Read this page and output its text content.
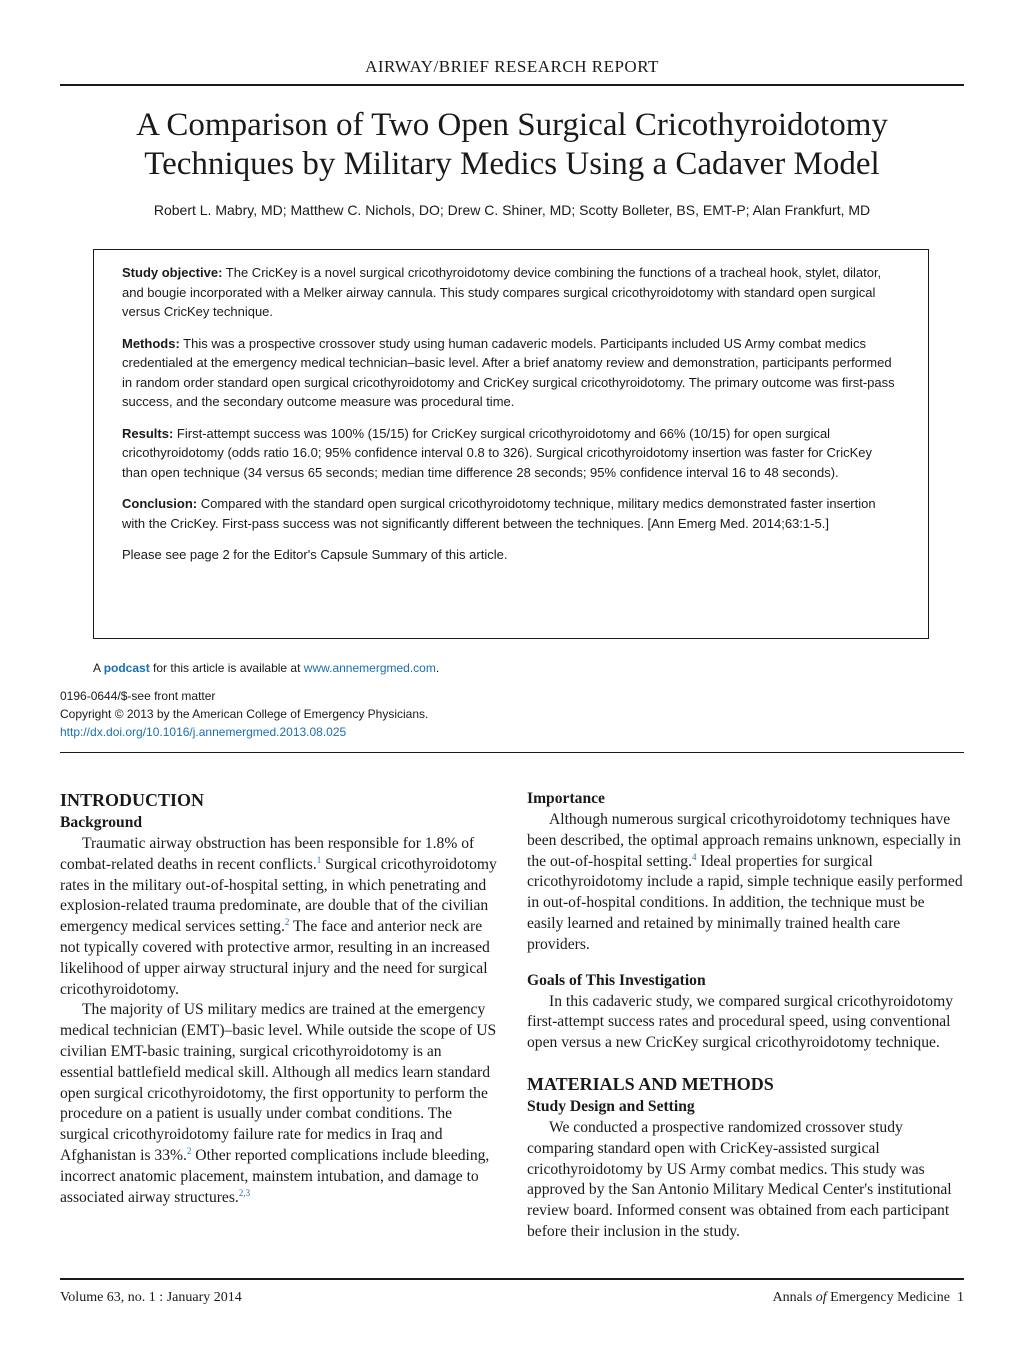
AIRWAY/BRIEF RESEARCH REPORT
A Comparison of Two Open Surgical Cricothyroidotomy
Techniques by Military Medics Using a Cadaver Model
Robert L. Mabry, MD; Matthew C. Nichols, DO; Drew C. Shiner, MD; Scotty Bolleter, BS, EMT-P; Alan Frankfurt, MD

Study objective: The CricKey is a novel surgical cricothyroidotomy device combining the functions of a tracheal hook, stylet, dilator, and bougie incorporated with a Melker airway cannula. This study compares surgical cricothyroidotomy with standard open surgical versus CricKey technique.

Methods: This was a prospective crossover study using human cadaveric models. Participants included US Army combat medics credentialed at the emergency medical technician–basic level. After a brief anatomy review and demonstration, participants performed in random order standard open surgical cricothyroidotomy and CricKey surgical cricothyroidotomy. The primary outcome was first-pass success, and the secondary outcome measure was procedural time.

Results: First-attempt success was 100% (15/15) for CricKey surgical cricothyroidotomy and 66% (10/15) for open surgical cricothyroidotomy (odds ratio 16.0; 95% confidence interval 0.8 to 326). Surgical cricothyroidotomy insertion was faster for CricKey than open technique (34 versus 65 seconds; median time difference 28 seconds; 95% confidence interval 16 to 48 seconds).

Conclusion: Compared with the standard open surgical cricothyroidotomy technique, military medics demonstrated faster insertion with the CricKey. First-pass success was not significantly different between the techniques. [Ann Emerg Med. 2014;63:1-5.]

Please see page 2 for the Editor's Capsule Summary of this article.

A podcast for this article is available at www.annemergmed.com.
0196-0644/$-see front matter
Copyright © 2013 by the American College of Emergency Physicians.
http://dx.doi.org/10.1016/j.annemergmed.2013.08.025
INTRODUCTION
Background

Traumatic airway obstruction has been responsible for 1.8% of combat-related deaths in recent conflicts.$^1$ Surgical cricothyroidotomy rates in the military out-of-hospital setting, in which penetrating and explosion-related trauma predominate, are double that of the civilian emergency medical services setting.$^2$ The face and anterior neck are not typically covered with protective armor, resulting in an increased likelihood of upper airway structural injury and the need for surgical cricothyroidotomy.

The majority of US military medics are trained at the emergency medical technician (EMT)–basic level. While outside the scope of US civilian EMT-basic training, surgical cricothyroidotomy is an essential battlefield medical skill. Although all medics learn standard open surgical cricothyroidotomy, the first opportunity to perform the procedure on a patient is usually under combat conditions. The surgical cricothyroidotomy failure rate for medics in Iraq and Afghanistan is 33%.$^2$ Other reported complications include bleeding, incorrect anatomic placement, mainstem intubation, and damage to associated airway structures.$^{2,3}$

Importance

Although numerous surgical cricothyroidotomy techniques have been described, the optimal approach remains unknown, especially in the out-of-hospital setting.$^4$ Ideal properties for surgical cricothyroidotomy include a rapid, simple technique easily performed in out-of-hospital conditions. In addition, the technique must be easily learned and retained by minimally trained health care providers.

Goals of This Investigation

In this cadaveric study, we compared surgical cricothyroidotomy first-attempt success rates and procedural speed, using conventional open versus a new CricKey surgical cricothyroidotomy technique.

MATERIALS AND METHODS
Study Design and Setting

We conducted a prospective randomized crossover study comparing standard open with CricKey-assisted surgical cricothyroidotomy by US Army combat medics. This study was approved by the San Antonio Military Medical Center's institutional review board. Informed consent was obtained from each participant before their inclusion in the study.

Volume 63, no. 1 : January 2014	Annals of Emergency Medicine 1
